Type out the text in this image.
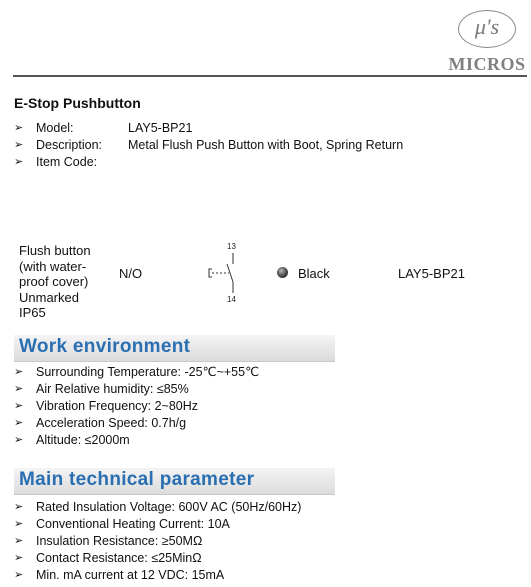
μ's
MICROS
E-Stop Pushbutton
➢ Model:	LAY5-BP21
➢ Description: Metal Flush Push Button with Boot, Spring Return
➢ Item Code:
Flush button
(with water-
proof cover)
Unmarked
IP65
N/O
13
14
Black	LAY5-BP21
Work environment
➢ Surrounding Temperature: -25℃~+55℃
➢ Air Relative humidity: ≤85%
➢ Vibration Frequency: 2~80Hz
➢ Acceleration Speed: 0.7h/g
➢ Altitude: ≤2000m
Main technical parameter
➢ Rated Insulation Voltage: 600V AC (50Hz/60Hz)
➢ Conventional Heating Current: 10A
➢ Insulation Resistance: ≥50MΩ
➢ Contact Resistance: ≤25MinΩ
➢ Min. mA current at 12 VDC: 15mA
